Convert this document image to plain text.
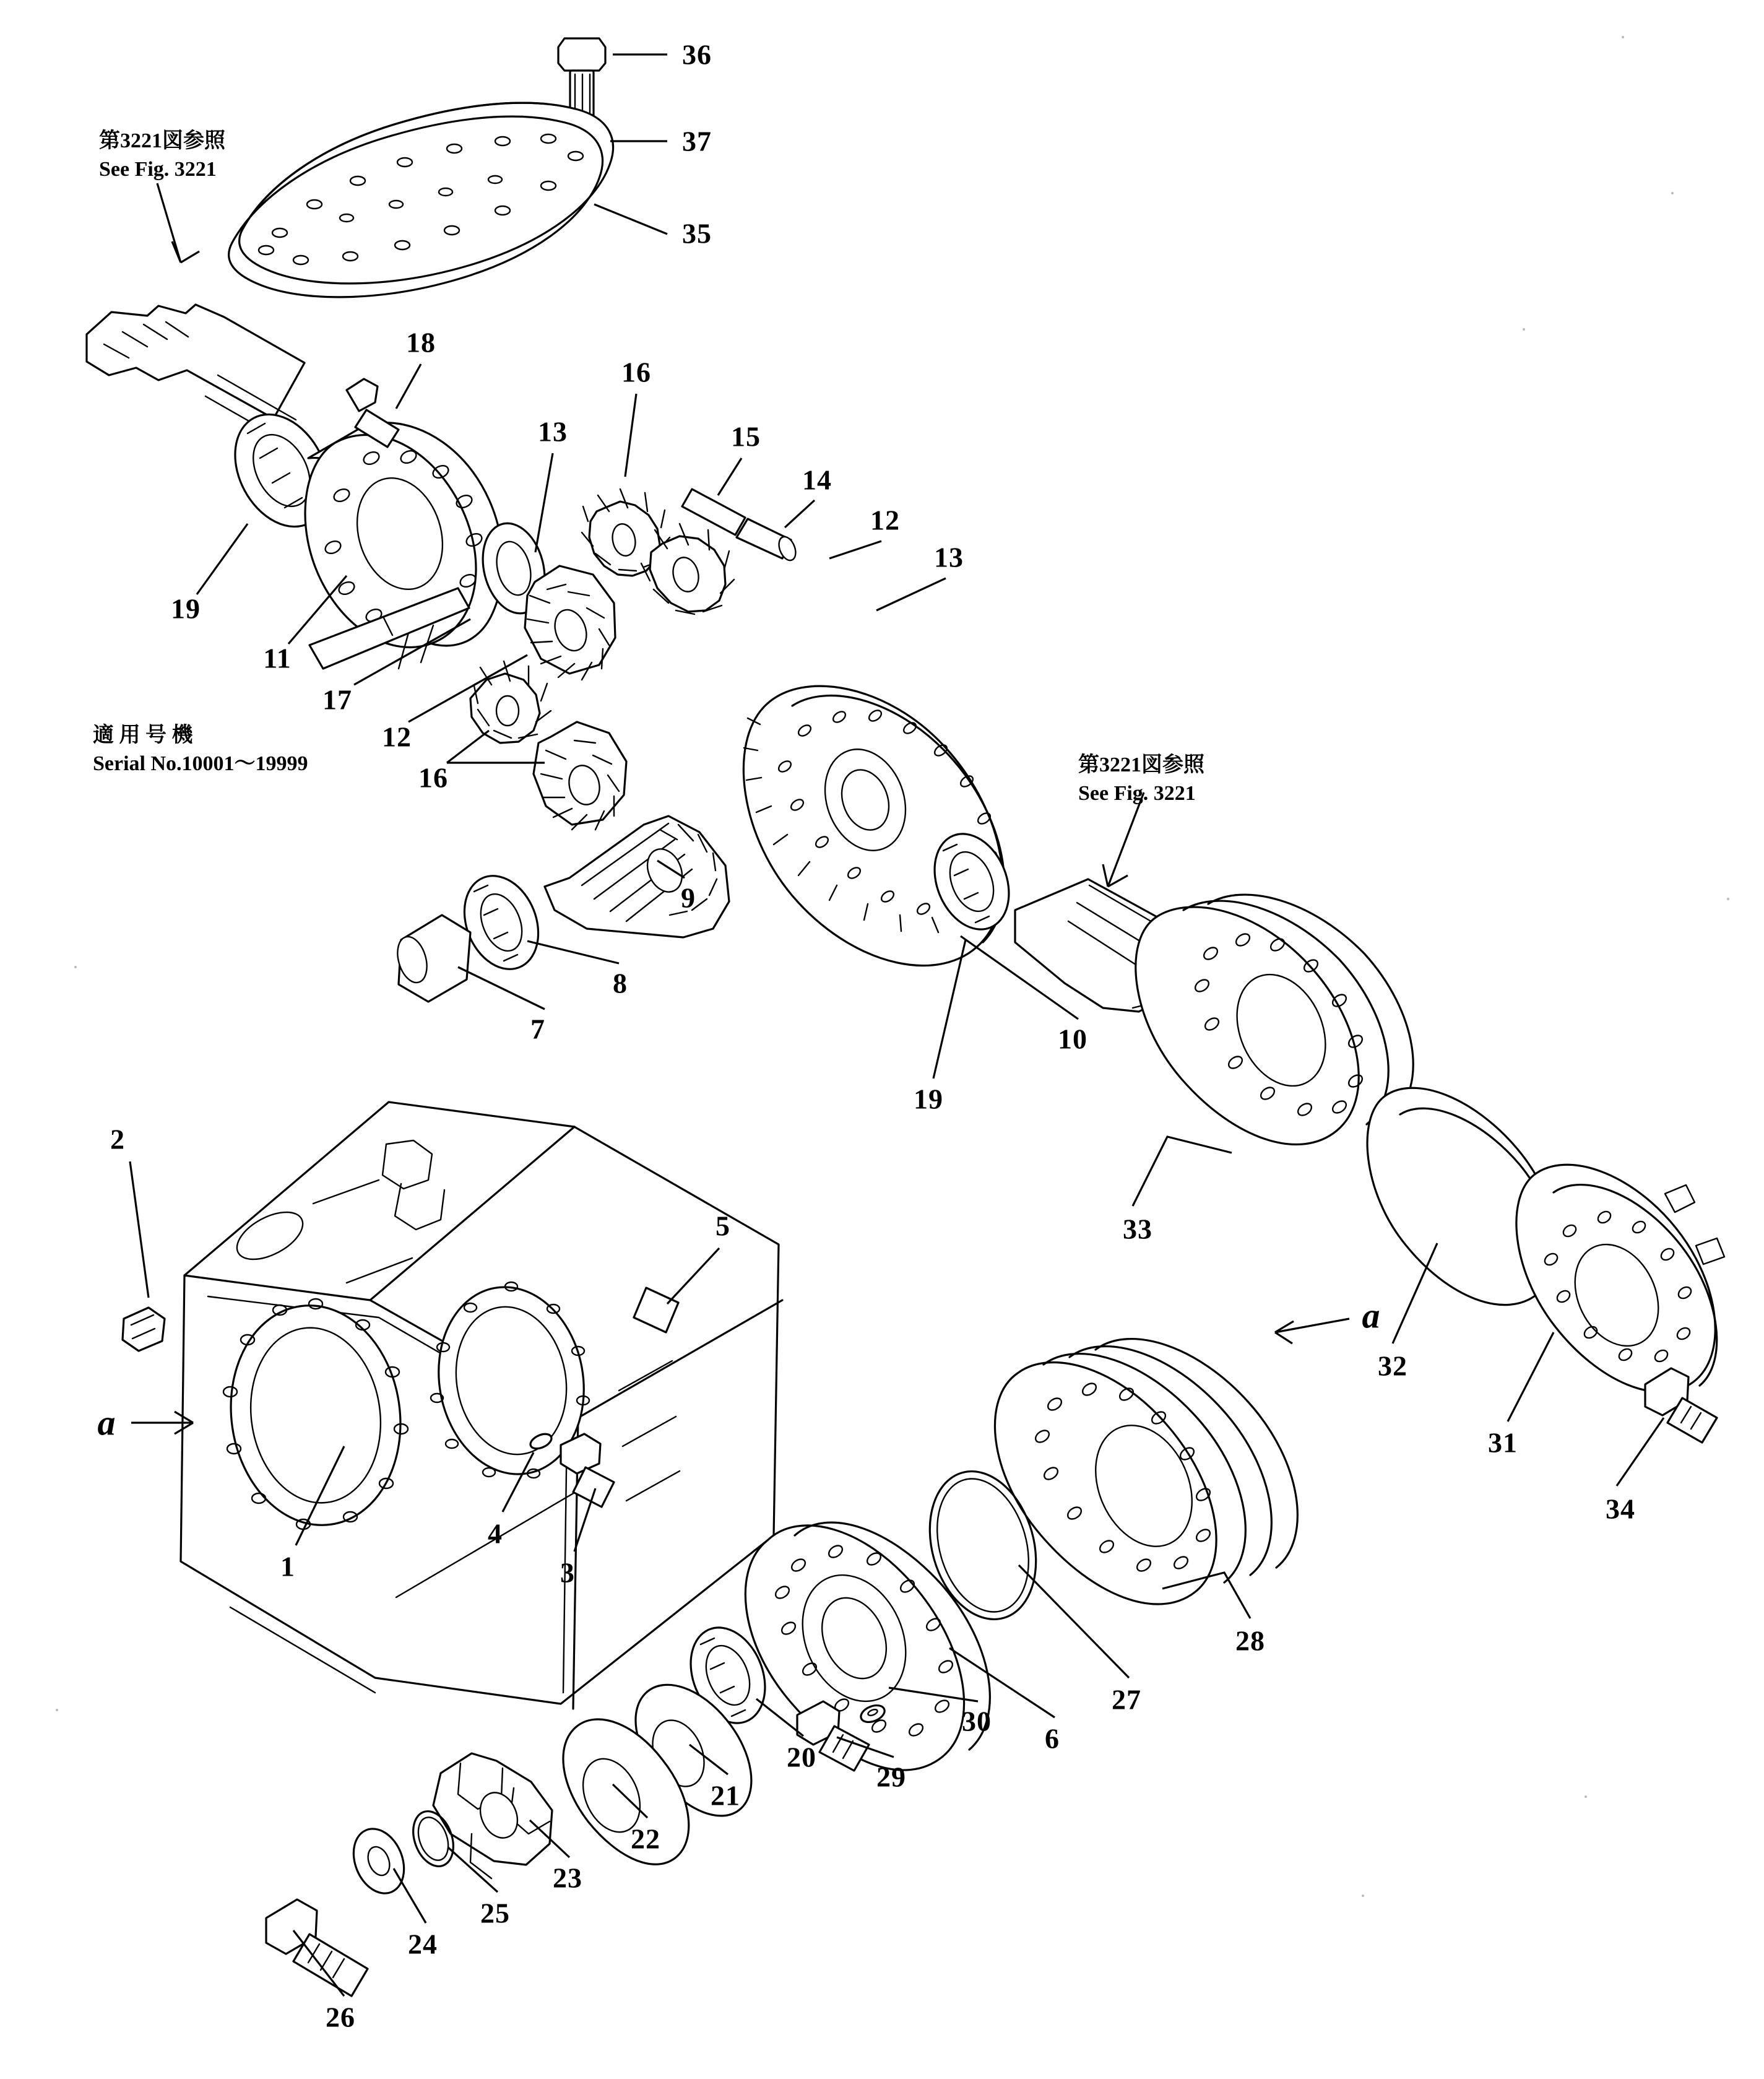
第3221図参照
See Fig. 3221
適 用 号 機
Serial No.10001～19999	第3221図参照
See Fig. 3221
a
a
36
37
35
18
16
15
14
13
12
13
19
11
17
12
16
9
8
7	10
19
33
32
31
34
2
5
1
4
3
28
27
6
30
29
20
21
22
23
25
24
26
